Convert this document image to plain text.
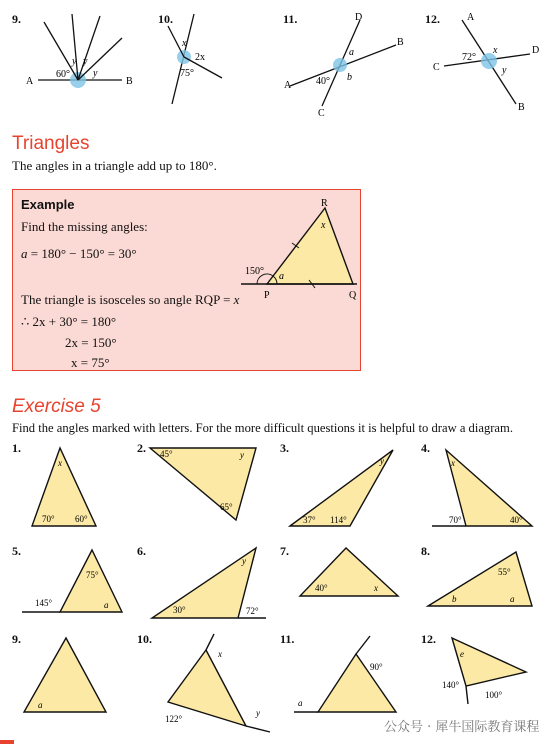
9.	10.	11.	12.
A	B
60°
y y
y
x
2x
75°
D
B
A
C
a
b
40°
A
C
D
B
72°
x
y
Triangles
The angles in a triangle add up to 180°.
Example
Find the missing angles:
a = 180° − 150° = 30°
The triangle is isosceles so angle RQP = x
∴ 2x + 30° = 180°
2x = 150°
x = 75°
R
P	Q
x
a
150°
Exercise 5
Find the angles marked with letters. For the more difficult questions it is helpful to draw a diagram.
1.	2.	3.	4.
5.	6.	7.	8.
9.	10.	11.	12.
x
70° 60°
45°	y
65°
y
37° 114°
x
70°	40°
75°
145°	a
y
30°	72°
40°	x
55°
b	a
a
x
y
122°
90°
a
e
140°
100°
公众号 · 犀牛国际教育课程
